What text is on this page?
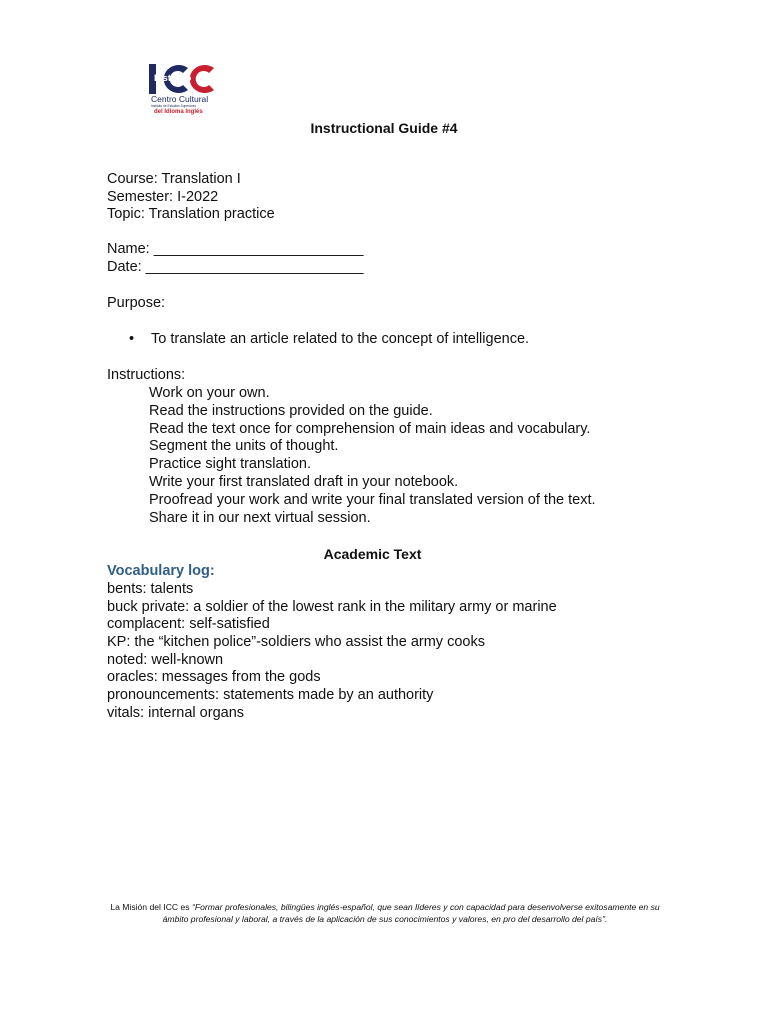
Instituto
Centro Cultural
Instituto de Estudios Superiores
del Idioma Inglés
Instructional Guide #4
Course: Translation I
Semester: I-2022
Topic: Translation practice
Name: __________________________
Date: ___________________________
Purpose:
• To translate an article related to the concept of intelligence.
Instructions:
Work on your own.
Read the instructions provided on the guide.
Read the text once for comprehension of main ideas and vocabulary.
Segment the units of thought.
Practice sight translation.
Write your first translated draft in your notebook.
Proofread your work and write your final translated version of the text.
Share it in our next virtual session.
Academic Text
Vocabulary log:
bents: talents
buck private: a soldier of the lowest rank in the military army or marine
complacent: self-satisfied
KP: the “kitchen police”-soldiers who assist the army cooks
noted: well-known
oracles: messages from the gods
pronouncements: statements made by an authority
vitals: internal organs
La Misión del ICC es “Formar profesionales, bilingües inglés-español, que sean líderes y con capacidad para desenvolverse exitosamente en su ámbito profesional y laboral, a través de la aplicación de sus conocimientos y valores, en pro del desarrollo del país”.
